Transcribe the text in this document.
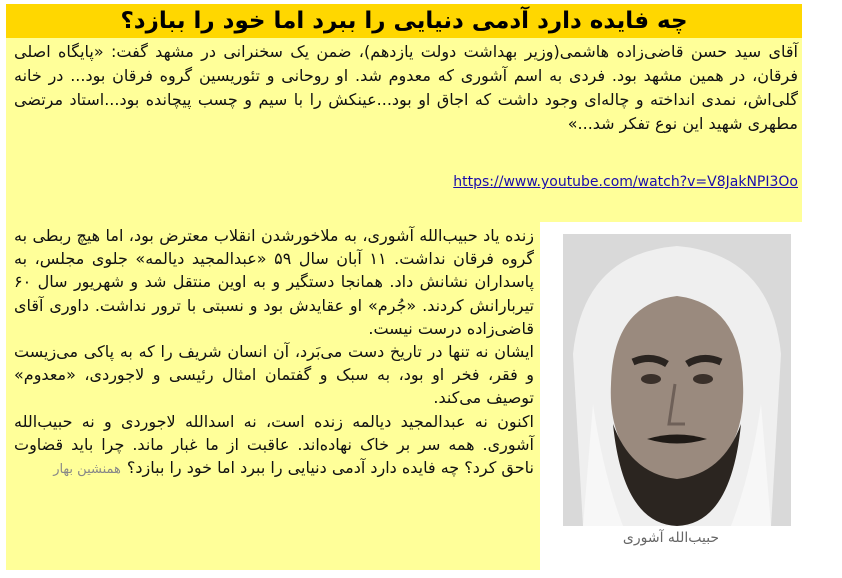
چه فایده دارد آدمی دنیایی را ببرد اما خود را ببازد؟

آقای سید حسن قاضی‌زاده هاشمی(وزیر بهداشت دولت یازدهم)، ضمن یک سخنرانی در مشهد گفت: «پایگاه اصلی فرقان، در همین مشهد بود. فردی به اسم آشوری که معدوم شد. او روحانی و تئوریسین گروه فرقان بود... در خانه گلی‌اش، نمدی انداخته و چاله‌ای وجود داشت که اجاق او بود...عینکش را با سیم و چسب پیچانده بود...استاد مرتضی مطهری شهید این نوع تفکر شد...»

https://www.youtube.com/watch?v=V8JakNPI3Oo

زنده یاد حبیب‌الله آشوری، به ملاخورشدن انقلاب معترض بود، اما هیچ ربطی به گروه فرقان نداشت. ۱۱ آبان سال ۵۹ «عبدالمجید دیالمه» جلوی مجلس، به پاسداران نشانش داد. همانجا دستگیر و به اوین منتقل شد و شهریور سال ۶۰ تیربارانش کردند. «جُرم» او عقایدش بود و نسبتی با ترور نداشت. داوری آقای قاضی‌زاده درست نیست.

ایشان نه تنها در تاریخ دست می‌بَرد، آن انسان شریف را که به پاکی می‌زیست و فقر، فخر او بود، به سبک و گفتمان امثال رئیسی و لاجوردی، «معدوم» توصیف می‌کند.

اکنون نه عبدالمجید دیالمه زنده است، نه اسدالله لاجوردی و نه حبیب‌الله آشوری. همه سر بر خاک نهاده‌اند. عاقبت از ما غبار ماند. چرا باید قضاوت ناحق کرد؟ چه فایده دارد آدمی دنیایی را ببرد اما خود را ببازد؟همنشین بهار

حبیب‌الله آشوری
